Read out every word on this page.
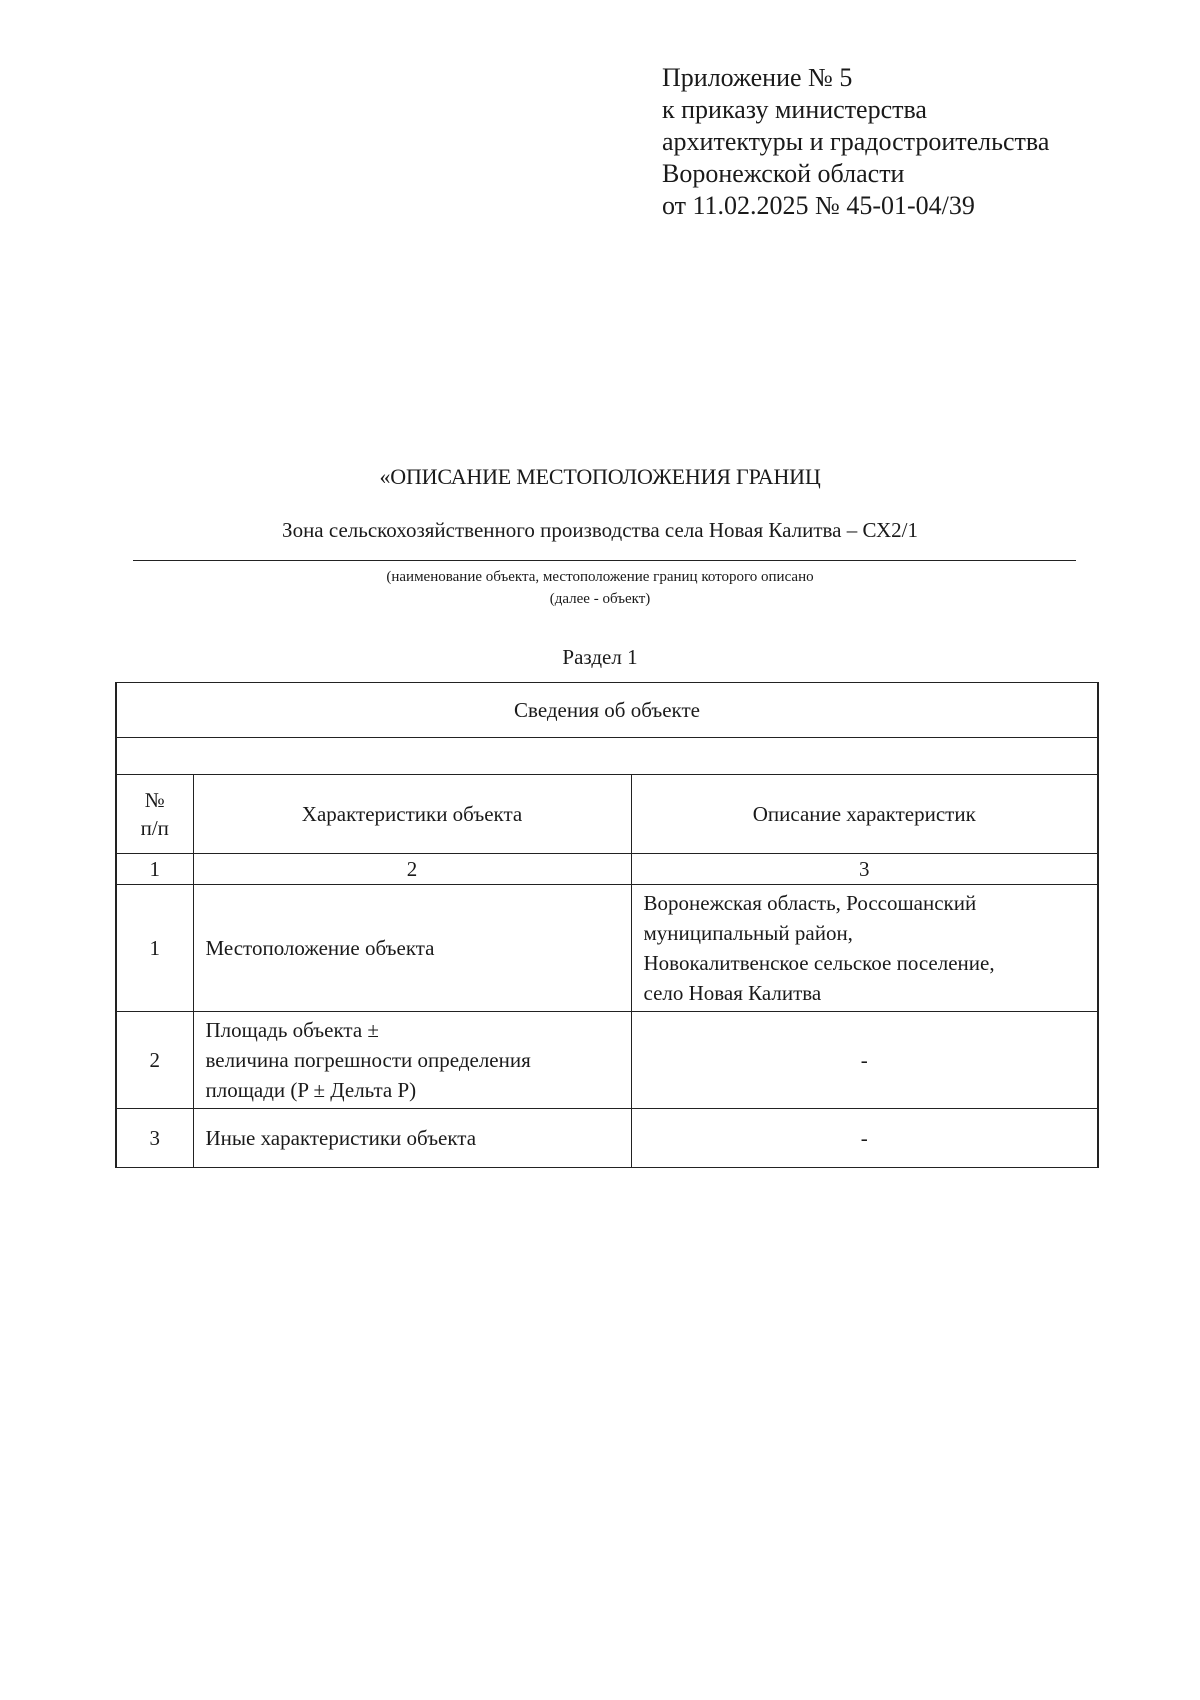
Приложение № 5
к приказу министерства
архитектуры и градостроительства
Воронежской области
от 11.02.2025 № 45-01-04/39
«ОПИСАНИЕ МЕСТОПОЛОЖЕНИЯ ГРАНИЦ
Зона сельскохозяйственного производства села Новая Калитва – СХ2/1
(наименование объекта, местоположение границ которого описано
(далее - объект)
Раздел 1
Сведения об объекте		

№
п/п	Характеристики объекта	Описание характеристик
1	2	3
1	Местоположение объекта	Воронежская область, Россошанский
муниципальный район,
Новокалитвенское сельское поселение,
село Новая Калитва

2	Площадь объекта ±
величина погрешности определения
площади (P ± Дельта P)	-
3	Иные характеристики объекта	-
